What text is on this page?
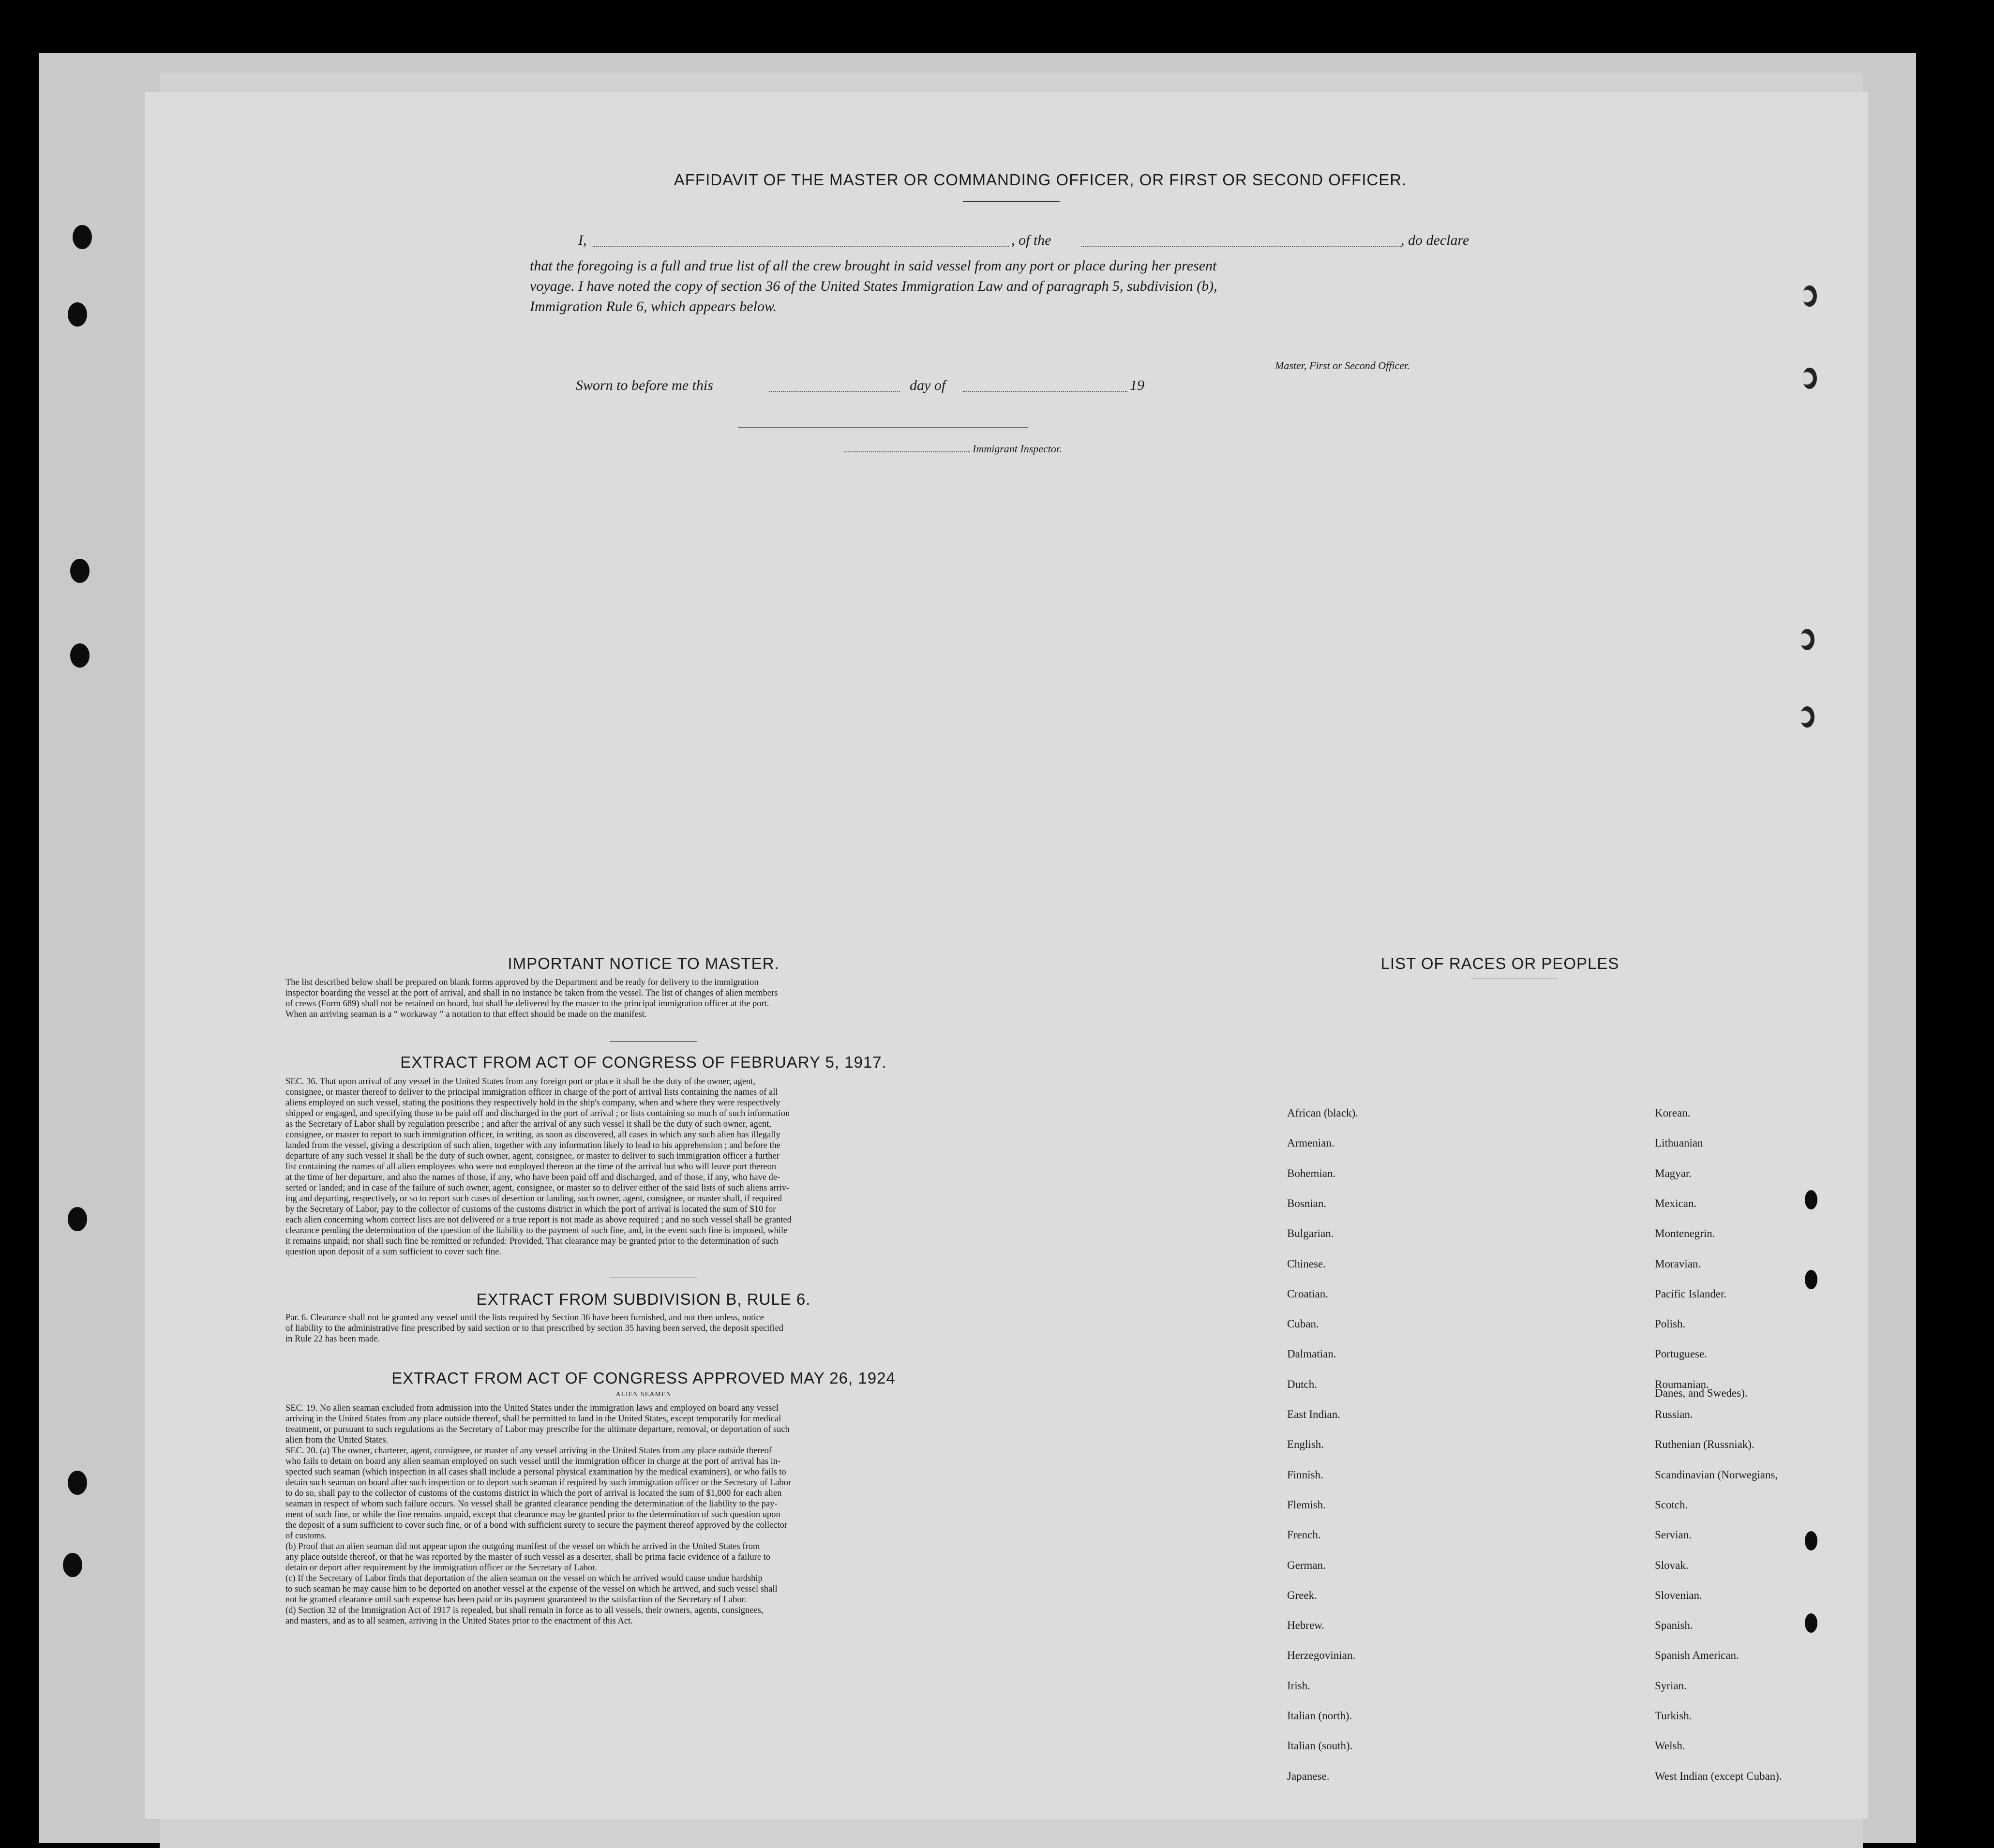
AFFIDAVIT OF THE MASTER OR COMMANDING OFFICER, OR FIRST OR SECOND OFFICER.
I,	, of the	, do declare
that the foregoing is a full and true list of all the crew brought in said vessel from any port or place during her present
voyage. I have noted the copy of section 36 of the United States Immigration Law and of paragraph 5, subdivision (b),
Immigration Rule 6, which appears below.
Master, First or Second Officer.
Sworn to before me this	day of	19
Immigrant Inspector.
IMPORTANT NOTICE TO MASTER.
The list described below shall be prepared on blank forms approved by the Department and be ready for delivery to the immigration
inspector boarding the vessel at the port of arrival, and shall in no instance be taken from the vessel. The list of changes of alien members
of crews (Form 689) shall not be retained on board, but shall be delivered by the master to the principal immigration officer at the port.
When an arriving seaman is a “ workaway ” a notation to that effect should be made on the manifest.
EXTRACT FROM ACT OF CONGRESS OF FEBRUARY 5, 1917.
SEC. 36. That upon arrival of any vessel in the United States from any foreign port or place it shall be the duty of the owner, agent,
consignee, or master thereof to deliver to the principal immigration officer in charge of the port of arrival lists containing the names of all
aliens employed on such vessel, stating the positions they respectively hold in the ship's company, when and where they were respectively
shipped or engaged, and specifying those to be paid off and discharged in the port of arrival ; or lists containing so much of such information
as the Secretary of Labor shall by regulation prescribe ; and after the arrival of any such vessel it shall be the duty of such owner, agent,
consignee, or master to report to such immigration officer, in writing, as soon as discovered, all cases in which any such alien has illegally
landed from the vessel, giving a description of such alien, together with any information likely to lead to his apprehension ; and before the
departure of any such vessel it shall be the duty of such owner, agent, consignee, or master to deliver to such immigration officer a further
list containing the names of all alien employees who were not employed thereon at the time of the arrival but who will leave port thereon
at the time of her departure, and also the names of those, if any, who have been paid off and discharged, and of those, if any, who have de-
serted or landed; and in case of the failure of such owner, agent, consignee, or master so to deliver either of the said lists of such aliens arriv-
ing and departing, respectively, or so to report such cases of desertion or landing, such owner, agent, consignee, or master shall, if required
by the Secretary of Labor, pay to the collector of customs of the customs district in which the port of arrival is located the sum of $10 for
each alien concerning whom correct lists are not delivered or a true report is not made as above required ; and no such vessel shall be granted
clearance pending the determination of the question of the liability to the payment of such fine, and, in the event such fine is imposed, while
it remains unpaid; nor shall such fine be remitted or refunded: Provided, That clearance may be granted prior to the determination of such
question upon deposit of a sum sufficient to cover such fine.
EXTRACT FROM SUBDIVISION B, RULE 6.
Par. 6. Clearance shall not be granted any vessel until the lists required by Section 36 have been furnished, and not then unless, notice
of liability to the administrative fine prescribed by said section or to that prescribed by section 35 having been served, the deposit specified
in Rule 22 has been made.
EXTRACT FROM ACT OF CONGRESS APPROVED MAY 26, 1924
ALIEN SEAMEN
SEC. 19. No alien seaman excluded from admission into the United States under the immigration laws and employed on board any vessel
arriving in the United States from any place outside thereof, shall be permitted to land in the United States, except temporarily for medical
treatment, or pursuant to such regulations as the Secretary of Labor may prescribe for the ultimate departure, removal, or deportation of such
alien from the United States.
SEC. 20. (a) The owner, charterer, agent, consignee, or master of any vessel arriving in the United States from any place outside thereof
who fails to detain on board any alien seaman employed on such vessel until the immigration officer in charge at the port of arrival has in-
spected such seaman (which inspection in all cases shall include a personal physical examination by the medical examiners), or who fails to
detain such seaman on board after such inspection or to deport such seaman if required by such immigration officer or the Secretary of Labor
to do so, shall pay to the collector of customs of the customs district in which the port of arrival is located the sum of $1,000 for each alien
seaman in respect of whom such failure occurs. No vessel shall be granted clearance pending the determination of the liability to the pay-
ment of such fine, or while the fine remains unpaid, except that clearance may be granted prior to the determination of such question upon
the deposit of a sum sufficient to cover such fine, or of a bond with sufficient surety to secure the payment thereof approved by the collector
of customs.
(b) Proof that an alien seaman did not appear upon the outgoing manifest of the vessel on which he arrived in the United States from
any place outside thereof, or that he was reported by the master of such vessel as a deserter, shall be prima facie evidence of a failure to
detain or deport after requirement by the immigration officer or the Secretary of Labor.
(c) If the Secretary of Labor finds that deportation of the alien seaman on the vessel on which he arrived would cause undue hardship
to such seaman he may cause him to be deported on another vessel at the expense of the vessel on which he arrived, and such vessel shall
not be granted clearance until such expense has been paid or its payment guaranteed to the satisfaction of the Secretary of Labor.
(d) Section 32 of the Immigration Act of 1917 is repealed, but shall remain in force as to all vessels, their owners, agents, consignees,
and masters, and as to all seamen, arriving in the United States prior to the enactment of this Act.
LIST OF RACES OR PEOPLES
Danes, and Swedes).
African (black).
Armenian.
Bohemian.
Bosnian.
Bulgarian.
Chinese.
Croatian.
Cuban.
Dalmatian.
Dutch.
East Indian.
English.
Finnish.
Flemish.
French.
German.
Greek.
Hebrew.
Herzegovinian.
Irish.
Italian (north).
Italian (south).
Japanese.
Korean.
Lithuanian
Magyar.
Mexican.
Montenegrin.
Moravian.
Pacific Islander.
Polish.
Portuguese.
Roumanian.
Russian.
Ruthenian (Russniak).
Scandinavian (Norwegians,
Scotch.
Servian.
Slovak.
Slovenian.
Spanish.
Spanish American.
Syrian.
Turkish.
Welsh.
West Indian (except Cuban).
